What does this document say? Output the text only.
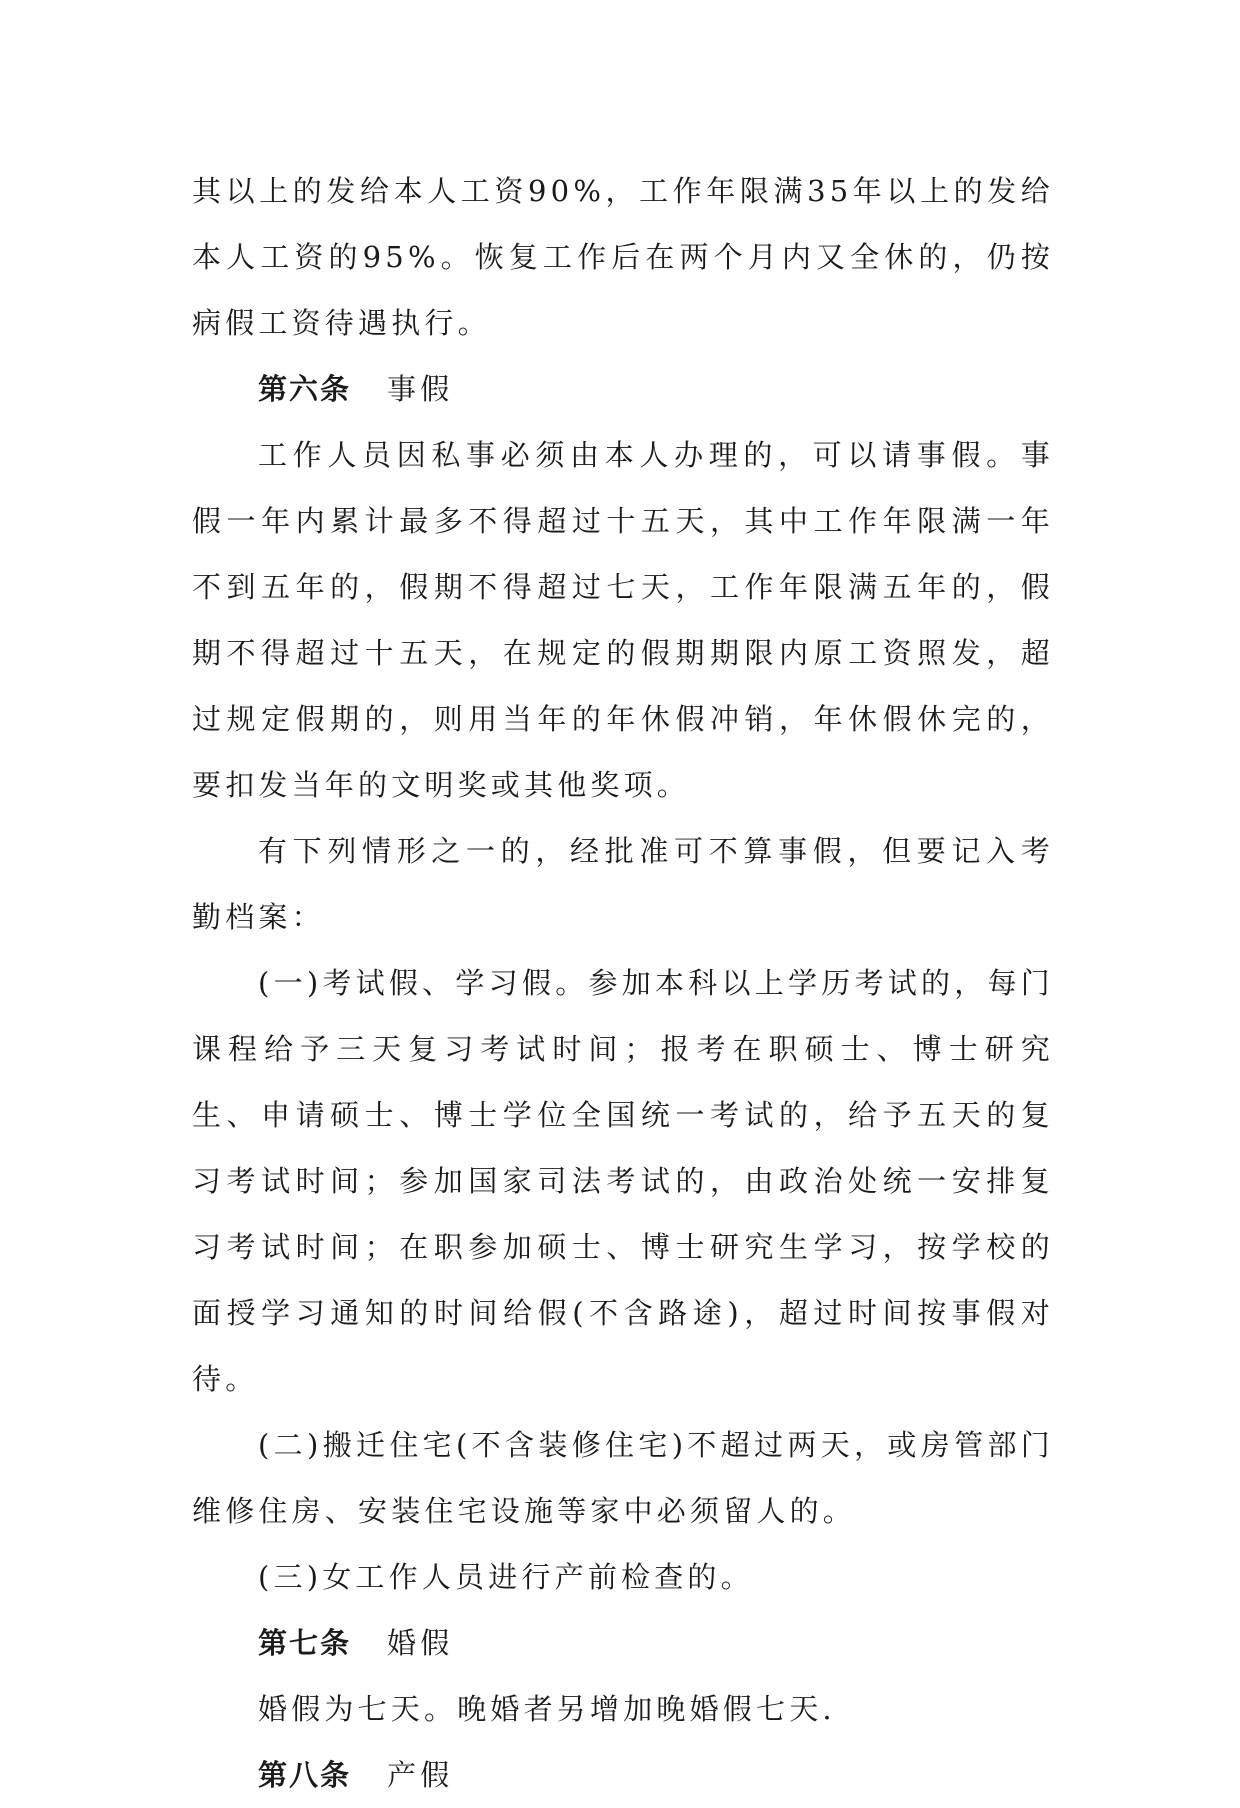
其以上的发给本人工资90%，工作年限满35年以上的发给本人工资的95%。恢复工作后在两个月内又全休的，仍按病假工资待遇执行。

第六条 事假

工作人员因私事必须由本人办理的，可以请事假。事假一年内累计最多不得超过十五天，其中工作年限满一年不到五年的，假期不得超过七天，工作年限满五年的，假期不得超过十五天，在规定的假期期限内原工资照发，超过规定假期的，则用当年的年休假冲销，年休假休完的，要扣发当年的文明奖或其他奖项。

有下列情形之一的，经批准可不算事假，但要记入考勤档案：

(一)考试假、学习假。参加本科以上学历考试的，每门课程给予三天复习考试时间；报考在职硕士、博士研究生、申请硕士、博士学位全国统一考试的，给予五天的复习考试时间；参加国家司法考试的，由政治处统一安排复习考试时间；在职参加硕士、博士研究生学习，按学校的面授学习通知的时间给假(不含路途)，超过时间按事假对待。

(二)搬迁住宅(不含装修住宅)不超过两天，或房管部门维修住房、安装住宅设施等家中必须留人的。

(三)女工作人员进行产前检查的。

第七条 婚假

婚假为七天。晚婚者另增加晚婚假七天.

第八条 产假
